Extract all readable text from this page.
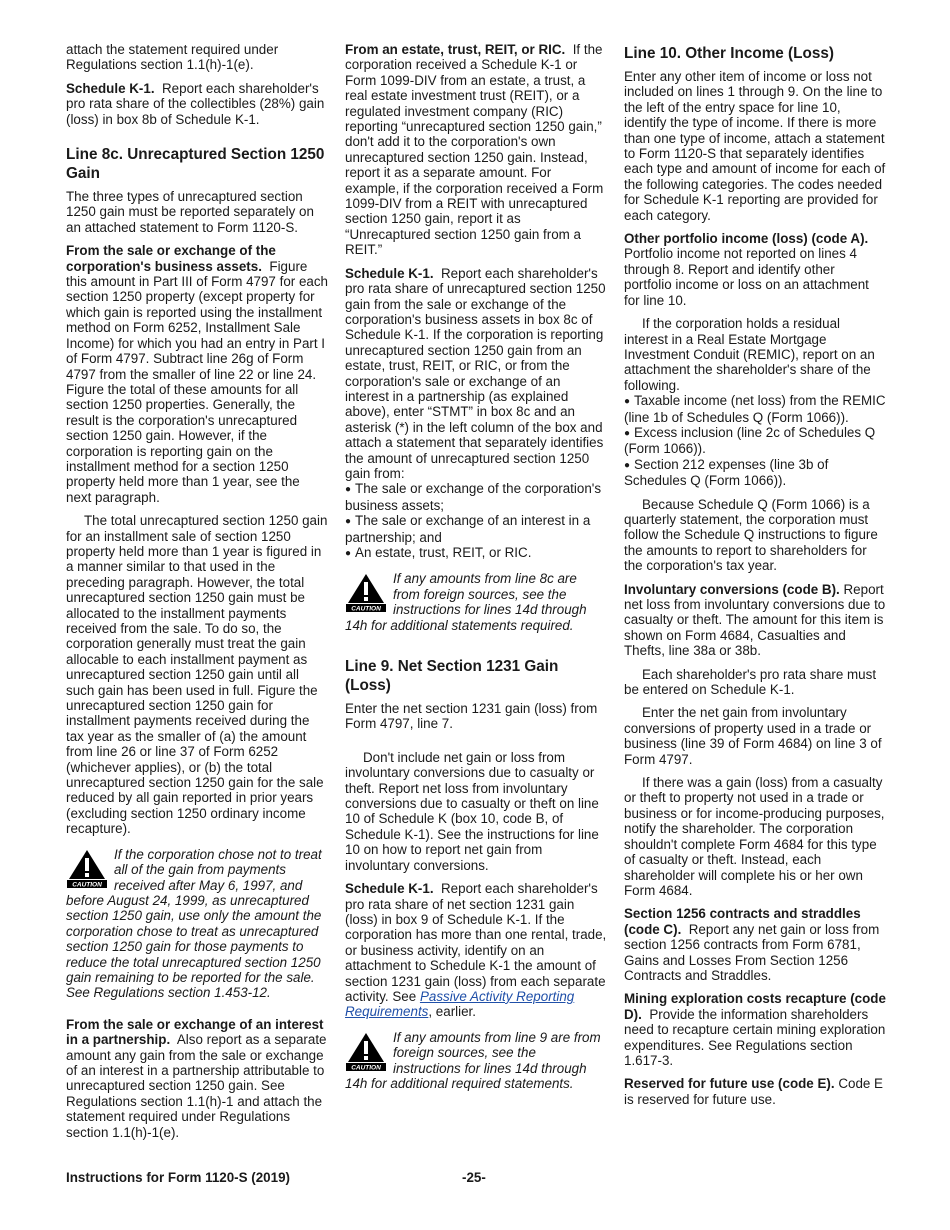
attach the statement required under Regulations section 1.1(h)-1(e).

Schedule K-1. Report each shareholder's pro rata share of the collectibles (28%) gain (loss) in box 8b of Schedule K-1.

Line 8c. Unrecaptured Section 1250 Gain

The three types of unrecaptured section 1250 gain must be reported separately on an attached statement to Form 1120-S.

From the sale or exchange of the corporation's business assets. Figure this amount in Part III of Form 4797 for each section 1250 property (except property for which gain is reported using the installment method on Form 6252, Installment Sale Income) for which you had an entry in Part I of Form 4797. Subtract line 26g of Form 4797 from the smaller of line 22 or line 24. Figure the total of these amounts for all section 1250 properties. Generally, the result is the corporation's unrecaptured section 1250 gain. However, if the corporation is reporting gain on the installment method for a section 1250 property held more than 1 year, see the next paragraph.

The total unrecaptured section 1250 gain for an installment sale of section 1250 property held more than 1 year is figured in a manner similar to that used in the preceding paragraph. However, the total unrecaptured section 1250 gain must be allocated to the installment payments received from the sale. To do so, the corporation generally must treat the gain allocable to each installment payment as unrecaptured section 1250 gain until all such gain has been used in full. Figure the unrecaptured section 1250 gain for installment payments received during the tax year as the smaller of (a) the amount from line 26 or line 37 of Form 6252 (whichever applies), or (b) the total unrecaptured section 1250 gain for the sale reduced by all gain reported in prior years (excluding section 1250 ordinary income recapture).

CAUTION
If the corporation chose not to treat all of the gain from payments received after May 6, 1997, and before August 24, 1999, as unrecaptured section 1250 gain, use only the amount the corporation chose to treat as unrecaptured section 1250 gain for those payments to reduce the total unrecaptured section 1250 gain remaining to be reported for the sale. See Regulations section 1.453-12.

From the sale or exchange of an interest in a partnership. Also report as a separate amount any gain from the sale or exchange of an interest in a partnership attributable to unrecaptured section 1250 gain. See Regulations section 1.1(h)-1 and attach the statement required under Regulations section 1.1(h)-1(e).

From an estate, trust, REIT, or RIC. If the corporation received a Schedule K-1 or Form 1099-DIV from an estate, a trust, a real estate investment trust (REIT), or a regulated investment company (RIC) reporting “unrecaptured section 1250 gain,” don't add it to the corporation's own unrecaptured section 1250 gain. Instead, report it as a separate amount. For example, if the corporation received a Form 1099-DIV from a REIT with unrecaptured section 1250 gain, report it as “Unrecaptured section 1250 gain from a REIT.”

Schedule K-1. Report each shareholder's pro rata share of unrecaptured section 1250 gain from the sale or exchange of the corporation's business assets in box 8c of Schedule K-1. If the corporation is reporting unrecaptured section 1250 gain from an estate, trust, REIT, or RIC, or from the corporation's sale or exchange of an interest in a partnership (as explained above), enter “STMT” in box 8c and an asterisk (*) in the left column of the box and attach a statement that separately identifies the amount of unrecaptured section 1250 gain from:

● The sale or exchange of the corporation's business assets;
● The sale or exchange of an interest in a partnership; and
● An estate, trust, REIT, or RIC.
CAUTION
If any amounts from line 8c are from foreign sources, see the instructions for lines 14d through 14h for additional statements required.
Line 9. Net Section 1231 Gain (Loss)

Enter the net section 1231 gain (loss) from Form 4797, line 7.

Don't include net gain or loss from involuntary conversions due to casualty or theft. Report net loss from involuntary conversions due to casualty or theft on line 10 of Schedule K (box 10, code B, of Schedule K-1). See the instructions for line 10 on how to report net gain from involuntary conversions.

Schedule K-1. Report each shareholder's pro rata share of net section 1231 gain (loss) in box 9 of Schedule K-1. If the corporation has more than one rental, trade, or business activity, identify on an attachment to Schedule K-1 the amount of section 1231 gain (loss) from each separate activity. See Passive Activity Reporting Requirements, earlier.

CAUTION
If any amounts from line 9 are from foreign sources, see the instructions for lines 14d through 14h for additional required statements.
Line 10. Other Income (Loss)

Enter any other item of income or loss not included on lines 1 through 9. On the line to the left of the entry space for line 10, identify the type of income. If there is more than one type of income, attach a statement to Form 1120-S that separately identifies each type and amount of income for each of the following categories. The codes needed for Schedule K-1 reporting are provided for each category.

Other portfolio income (loss) (code A). Portfolio income not reported on lines 4 through 8. Report and identify other portfolio income or loss on an attachment for line 10.

If the corporation holds a residual interest in a Real Estate Mortgage Investment Conduit (REMIC), report on an attachment the shareholder's share of the following.

● Taxable income (net loss) from the REMIC (line 1b of Schedules Q (Form 1066)).
● Excess inclusion (line 2c of Schedules Q (Form 1066)).
● Section 212 expenses (line 3b of Schedules Q (Form 1066)).

Because Schedule Q (Form 1066) is a quarterly statement, the corporation must follow the Schedule Q instructions to figure the amounts to report to shareholders for the corporation's tax year.

Involuntary conversions (code B). Report net loss from involuntary conversions due to casualty or theft. The amount for this item is shown on Form 4684, Casualties and Thefts, line 38a or 38b.

Each shareholder's pro rata share must be entered on Schedule K-1.

Enter the net gain from involuntary conversions of property used in a trade or business (line 39 of Form 4684) on line 3 of Form 4797.

If there was a gain (loss) from a casualty or theft to property not used in a trade or business or for income-producing purposes, notify the shareholder. The corporation shouldn't complete Form 4684 for this type of casualty or theft. Instead, each shareholder will complete his or her own Form 4684.

Section 1256 contracts and straddles (code C). Report any net gain or loss from section 1256 contracts from Form 6781, Gains and Losses From Section 1256 Contracts and Straddles.

Mining exploration costs recapture (code D). Provide the information shareholders need to recapture certain mining exploration expenditures. See Regulations section 1.617-3.

Reserved for future use (code E). Code E is reserved for future use.

Instructions for Form 1120-S (2019)	-25-
